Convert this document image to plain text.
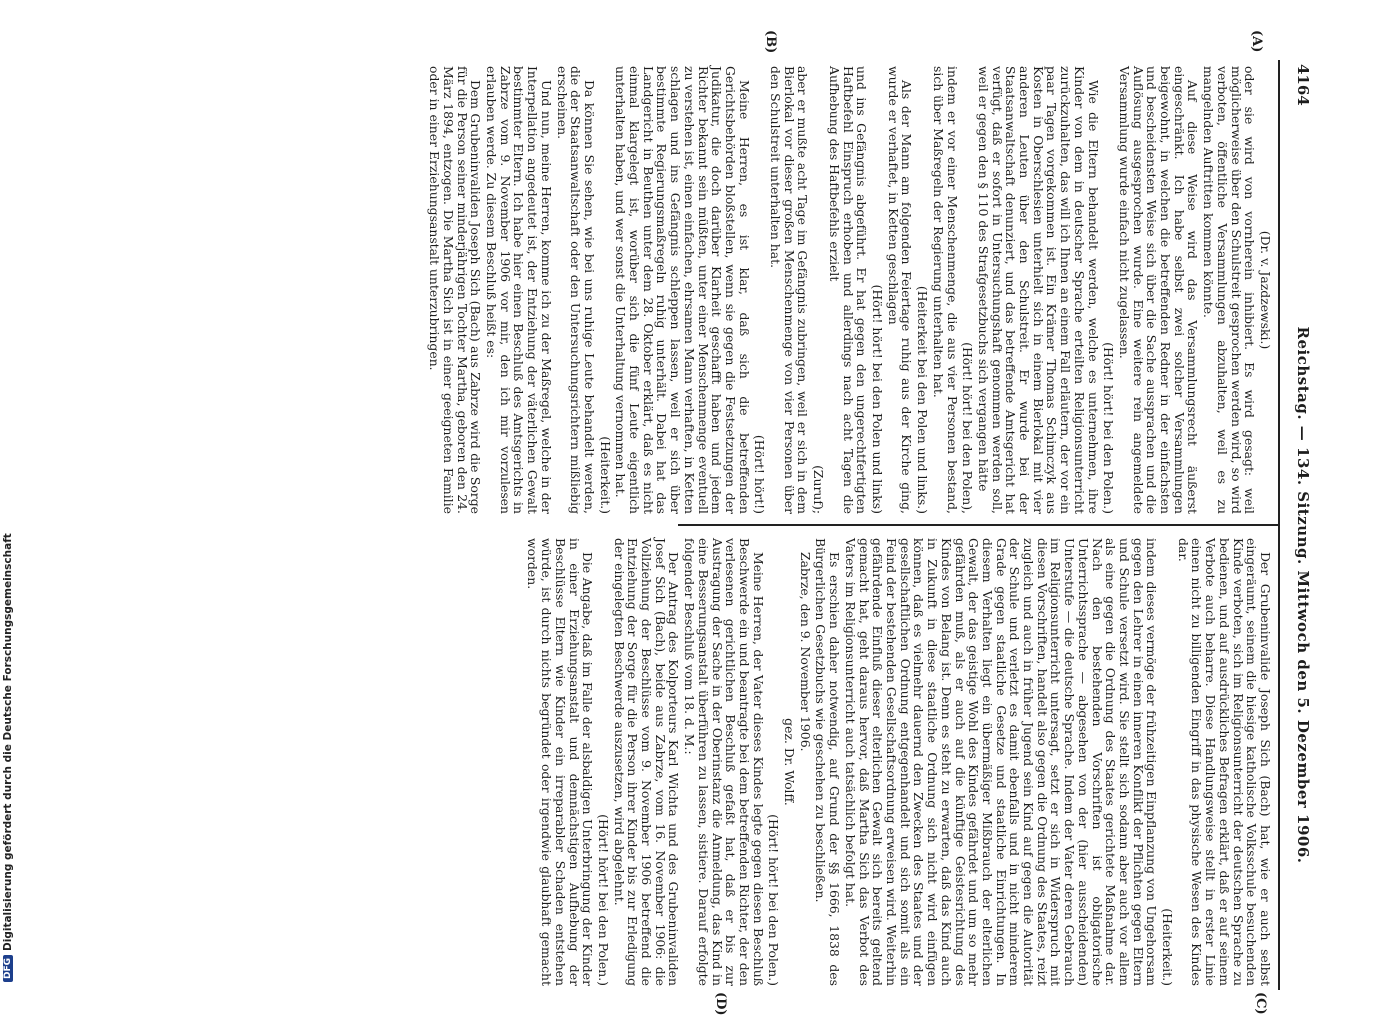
4164
Reichstag. — 134. Sitzung. Mittwoch den 5. Dezember 1906.
(A)
(B)
(C)
(D)

(Dr. v. Jazdzewski.)

oder sie wird von vornherein inhibiert. Es wird gesagt: weil möglicherweise über den Schulstreit gesprochen werden wird, so wird verboten, öffentliche Versammlungen abzuhalten, weil es zu mangelnden Auftritten kommen könnte.

Auf diese Weise wird das Versammlungsrecht äußerst eingeschränkt. Ich habe selbst zwei solcher Versammlungen beigewohnt, in welchen die betreffenden Redner in der einfachsten und bescheidensten Weise sich über die Sache aussprachen und die Auflösung ausgesprochen wurde. Eine weitere rein angemeldete Versammlung wurde einfach nicht zugelassen.

(Hört! hört! bei den Polen.)

Wie die Eltern behandelt werden, welche es unternehmen, ihre Kinder von dem in deutscher Sprache erteilten Religionsunterricht zurückzuhalten, das will ich Ihnen an einem Fall erläutern, der vor ein paar Tagen vorgekommen ist. Ein Krämer Thomas Schimczyk aus Kosten in Oberschlesien unterhielt sich in einem Bierlokal mit vier anderen Leuten über den Schulstreit. Er wurde bei der Staatsanwaltschaft denunziert, und das betreffende Amtsgericht hat verfügt, daß er sofort in Untersuchungshaft genommen werden soll, weil er gegen den § 110 des Strafgesetzbuchs sich vergangen hätte

(Hört! hört! bei den Polen),

indem er vor einer Menschenmenge, die aus vier Personen bestand, sich über Maßregeln der Regierung unterhalten hat.

(Heiterkeit bei den Polen und links.)

Als der Mann am folgenden Feiertage ruhig aus der Kirche ging, wurde er verhaftet, in Ketten geschlagen

(Hört! hört! bei den Polen und links)

und ins Gefängnis abgeführt. Er hat gegen den ungerechtfertigten Haftbefehl Einspruch erhoben und allerdings nach acht Tagen die Aufhebung des Haftbefehls erzielt

(Zuruf);

aber er mußte acht Tage im Gefängnis zubringen, weil er sich in dem Bierlokal vor dieser großen Menschenmenge von vier Personen über den Schulstreit unterhalten hat.

(Hört! hört!)

Meine Herren, es ist klar, daß sich die betreffenden Gerichtsbehörden bloßstellen, wenn sie gegen die Festsetzungen der Judikatur, die doch darüber Klarheit geschafft haben und jedem Richter bekannt sein müßten, unter einer Menschenmenge eventuell zu verstehen ist, einen einfachen, ehrsamen Mann verhaften, in Ketten schlagen und ins Gefängnis schleppen lassen, weil er sich über bestimmte Regierungsmaßregeln ruhig unterhält. Dabei hat das Landgericht in Beuthen unter dem 28. Oktober erklärt, daß es nicht einmal klargelegt ist, worüber sich die fünf Leute eigentlich unterhalten haben, und wer sonst die Unterhaltung vernommen hat.

(Heiterkeit.)

Da können Sie sehen, wie bei uns ruhige Leute behandelt werden, die der Staatsanwaltschaft oder den Untersuchungsrichtern mißliebig erscheinen.

Und nun, meine Herren, komme ich zu der Maßregel, welche in der Interpellation angedeutet ist, der Entziehung der väterlichen Gewalt bestimmter Eltern. Ich habe hier einen Beschluß des Amtsgerichts in Zabrze vom 9. November 1906 vor mir, den ich mir vorzulesen erlauben werde. Zu diesem Beschluß heißt es:

Dem Grubeninvaliden Joseph Sich (Bach) aus Zabrze wird die Sorge für die Person seiner minderjährigen Tochter Martha, geboren den 24. März 1894, entzogen. Die Martha Sich ist in einer geeigneten Familie oder in einer Erziehungsanstalt unterzubringen.

Der Grubeninvalide Joseph Sich (Bach) hat, wie er auch selbst eingeräumt, seinem die hiesige katholische Volksschule besuchenden Kinde verboten, sich im Religionsunterricht der deutschen Sprache zu bedienen, und auf ausdrückliches Befragen erklärt, daß er auf seinem Verbote auch beharre. Diese Handlungsweise stellt in erster Linie einen nicht zu billigenden Eingriff in das physische Wesen des Kindes dar.

(Heiterkeit.)

indem dieses vermöge der frühzeitigen Einpflanzung von Ungehorsam gegen den Lehrer in einen inneren Konflikt der Pflichten gegen Eltern und Schule versetzt wird. Sie stellt sich sodann aber auch vor allem als eine gegen die Ordnung des Staates gerichtete Maßnahme dar. Nach den bestehenden Vorschriften ist obligatorische Unterrichtssprache — abgesehen von der (hier ausscheidenden) Unterstufe — die deutsche Sprache. Indem der Vater deren Gebrauch im Religionsunterricht untersagt, setzt er sich in Widerspruch mit diesen Vorschriften, handelt also gegen die Ordnung des Staates, reizt zugleich und auch in früher Jugend sein Kind auf gegen die Autorität der Schule und verletzt es damit ebenfalls und in nicht minderem Grade gegen staatliche Gesetze und staatliche Einrichtungen. In diesem Verhalten liegt ein übermäßiger Mißbrauch der elterlichen Gewalt, der das geistige Wohl des Kindes gefährdet und um so mehr gefährden muß, als er auch auf die künftige Geistesrichtung des Kindes von Belang ist. Denn es steht zu erwarten, daß das Kind auch in Zukunft in diese staatliche Ordnung sich nicht wird einfügen können, daß es vielmehr dauernd den Zwecken des Staates und der gesellschaftlichen Ordnung entgegenhandelt und sich somit als ein Feind der bestehenden Gesellschaftsordnung erweisen wird. Weiterhin gefährdende Einfluß dieser elterlichen Gewalt sich bereits geltend gemacht hat, geht daraus hervor, daß Martha Sich das Verbot des Vaters im Religionsunterricht auch tatsächlich befolgt hat.

Es erschien daher notwendig, auf Grund der §§ 1666, 1838 des Bürgerlichen Gesetzbuchs wie geschehen zu beschließen.

Zabrze, den 9. November 1906.

gez. Dr. Wolff.

(Hört! hört! bei den Polen.)

Meine Herren, der Vater dieses Kindes legte gegen diesen Beschluß Beschwerde ein und beantragte bei dem betreffenden Richter, der den verlesenen gerichtlichen Beschluß gefaßt hat, daß er bis zur Austragung der Sache in der Oberinstanz die Anmeldung, das Kind in eine Besserungsanstalt überführen zu lassen, sistiere. Darauf erfolgte folgender Beschluß vom 18. d. M.:

Der Antrag des Kolporteurs Karl Wichta und des Grubeninvaliden Josef Sich (Bach), beide aus Zabrze, vom 16. November 1906: die Vollziehung der Beschlüsse vom 9. November 1906 betreffend die Entziehung der Sorge für die Person ihrer Kinder bis zur Erledigung der eingelegten Beschwerde auszusetzen, wird abgelehnt.

(Hört! hört! bei den Polen.)

Die Angabe, daß im Falle der alsbaldigen Unterbringung der Kinder in einer Erziehungsanstalt und demnächstigen Aufhebung der Beschlüsse Eltern wie Kinder ein irreparabler Schaden entstehen würde, ist durch nichts begründet oder irgendwie glaubhaft gemacht worden.

DFG
Digitalisierung gefördert durch die Deutsche Forschungsgemeinschaft
